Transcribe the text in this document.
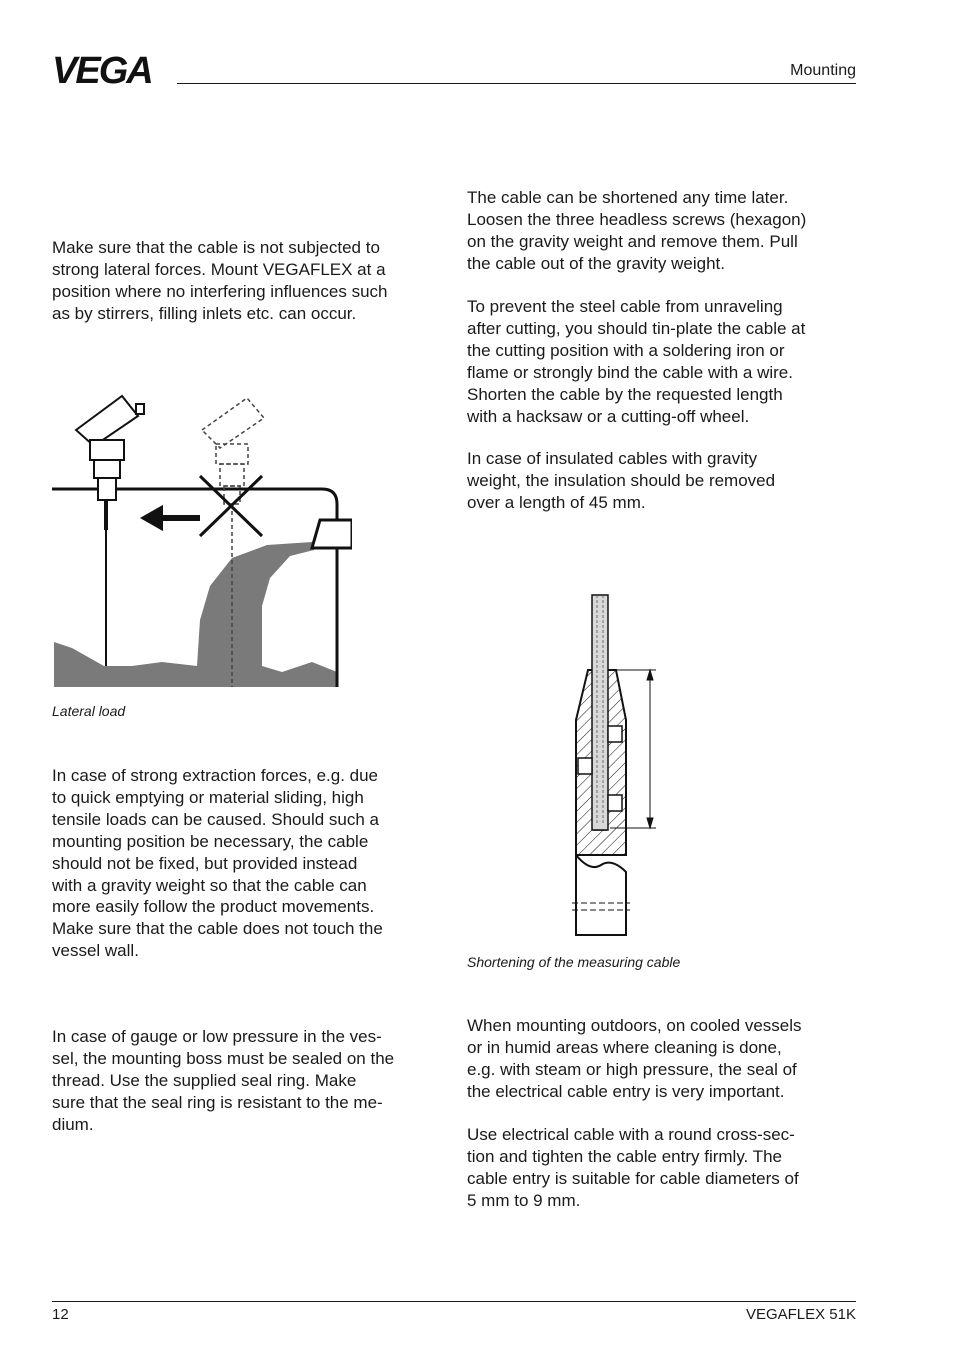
VEGA	Mounting

Make sure that the cable is not subjected to
strong lateral forces. Mount VEGAFLEX at a
position where no interfering influences such
as by stirrers, filling inlets etc. can occur.

Lateral load

In case of strong extraction forces, e.g. due
to quick emptying or material sliding, high
tensile loads can be caused. Should such a
mounting position be necessary, the cable
should not be fixed, but provided instead
with a gravity weight so that the cable can
more easily follow the product movements.
Make sure that the cable does not touch the
vessel wall.

In case of gauge or low pressure in the ves-
sel, the mounting boss must be sealed on the
thread. Use the supplied seal ring. Make
sure that the seal ring is resistant to the me-
dium.

The cable can be shortened any time later.
Loosen the three headless screws (hexagon)
on the gravity weight and remove them. Pull
the cable out of the gravity weight.

To prevent the steel cable from unraveling
after cutting, you should tin-plate the cable at
the cutting position with a soldering iron or
flame or strongly bind the cable with a wire.
Shorten the cable by the requested length
with a hacksaw or a cutting-off wheel.

In case of insulated cables with gravity
weight, the insulation should be removed
over a length of 45 mm.

Shortening of the measuring cable

When mounting outdoors, on cooled vessels
or in humid areas where cleaning is done,
e.g. with steam or high pressure, the seal of
the electrical cable entry is very important.

Use electrical cable with a round cross-sec-
tion and tighten the cable entry firmly. The
cable entry is suitable for cable diameters of
5 mm to 9 mm.

12	VEGAFLEX 51K
